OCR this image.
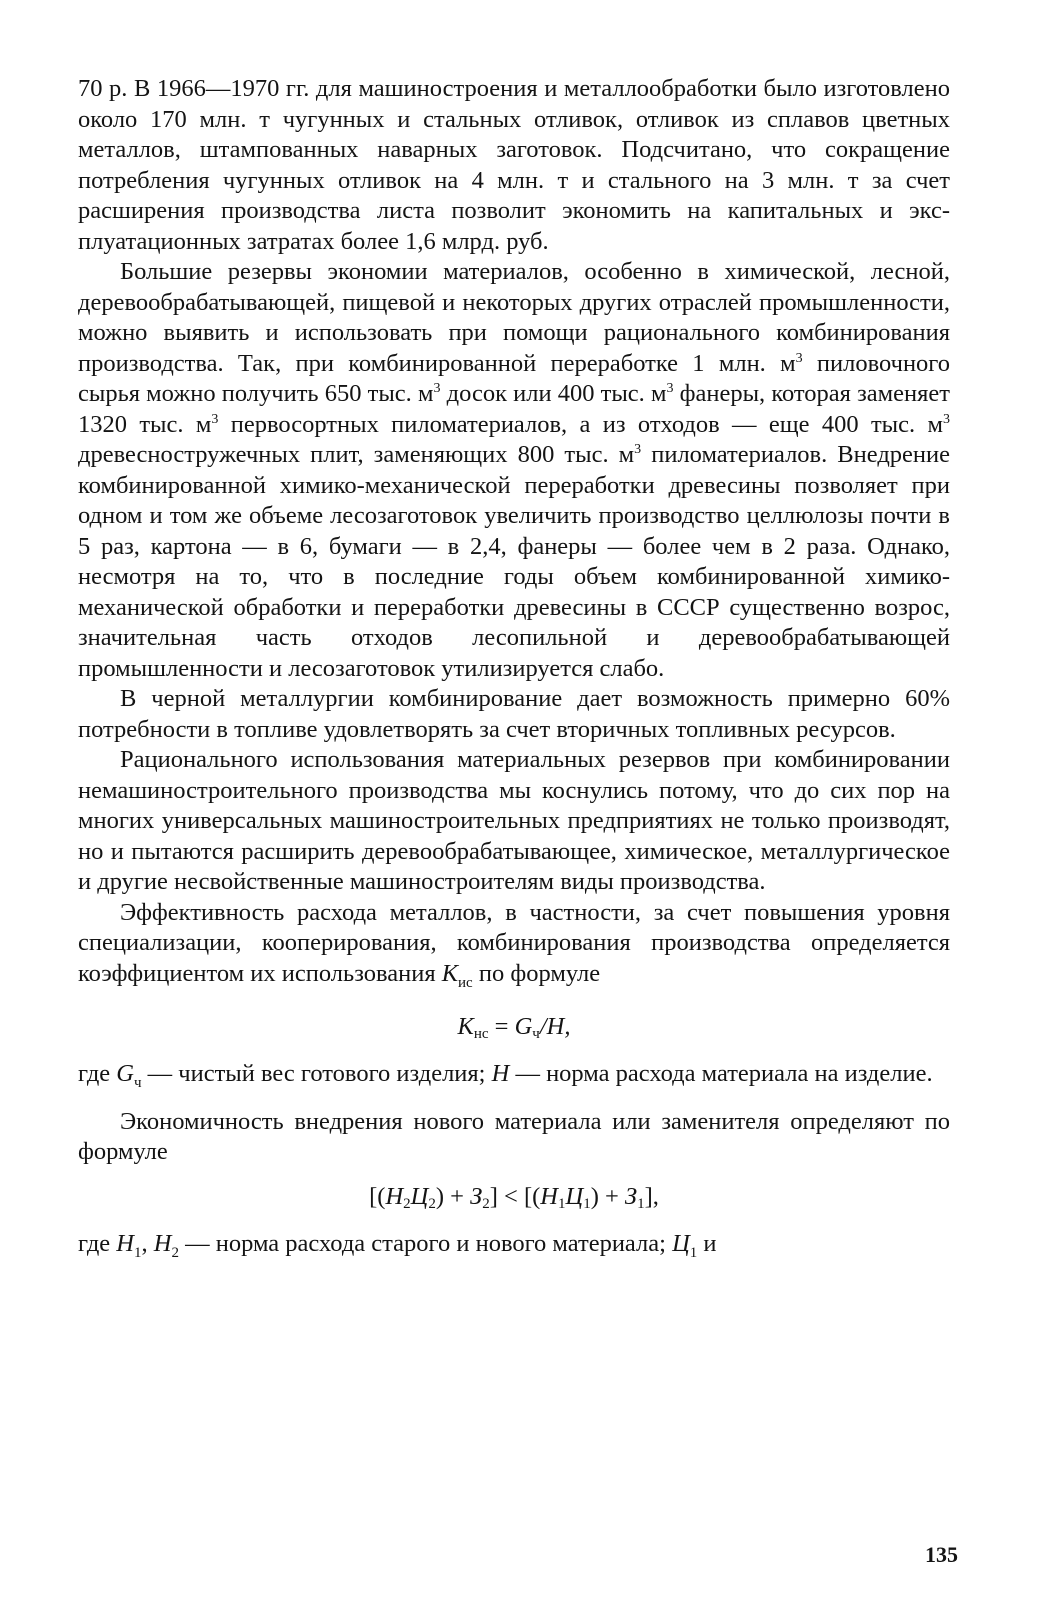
70 р. В 1966—1970 гг. для машиностроения и металлообработки было изготовлено около 170 млн. т чугунных и стальных отливок, отливок из сплавов цветных металлов, штампованных наварных заготовок. Подсчитано, что сокращение потребления чугунных отливок на 4 млн. т и стального на 3 млн. т за счет расширения производства листа позволит экономить на капитальных и эксплуатационных затратах более 1,6 млрд. руб.

Большие резервы экономии материалов, особенно в химической, лесной, деревообрабатывающей, пищевой и некоторых других отраслей промышленности, можно выявить и использовать при помощи рационального комбинирования производства. Так, при комбинированной переработке 1 млн. $м^3$ пиловочного сырья можно получить 650 тыс. $м^3$ досок или 400 тыс. $м^3$ фанеры, которая заменяет 1320 тыс. $м^3$ первосортных пиломатериалов, а из отходов — еще 400 тыс. $м^3$ древесностружечных плит, заменяющих 800 тыс. $м^3$ пиломатериалов. Внедрение комбинированной химико-механической переработки древесины позволяет при одном и том же объеме лесозаготовок увеличить производство целлюлозы почти в 5 раз, картона — в 6, бумаги — в 2,4, фанеры — более чем в 2 раза. Однако, несмотря на то, что в последние годы объем комбинированной химико-механической обработки и переработки древесины в СССР существенно возрос, значительная часть отходов лесопильной и деревообрабатывающей промышленности и лесозаготовок утилизируется слабо.

В черной металлургии комбинирование дает возможность примерно 60% потребности в топливе удовлетворять за счет вторичных топливных ресурсов.

Рационального использования материальных резервов при комбинировании немашиностроительного производства мы коснулись потому, что до сих пор на многих универсальных машиностроительных предприятиях не только производят, но и пытаются расширить деревообрабатывающее, химическое, металлургическое и другие несвойственные машиностроителям виды производства.

Эффективность расхода металлов, в частности, за счет повышения уровня специализации, кооперирования, комбинирования производства определяется коэффициентом их использования $К_{ис}$ по формуле

$К_{нс} = G_ч/H$,

где $G_ч$ — чистый вес готового изделия; Н — норма расхода материала на изделие.

Экономичность внедрения нового материала или заменителя определяют по формуле

$[(Н_2Ц_2) + З_2] < [(Н_1Ц_1) + З_1]$,

где $Н_1$, $Н_2$ — норма расхода старого и нового материала; $Ц_1$ и

135
